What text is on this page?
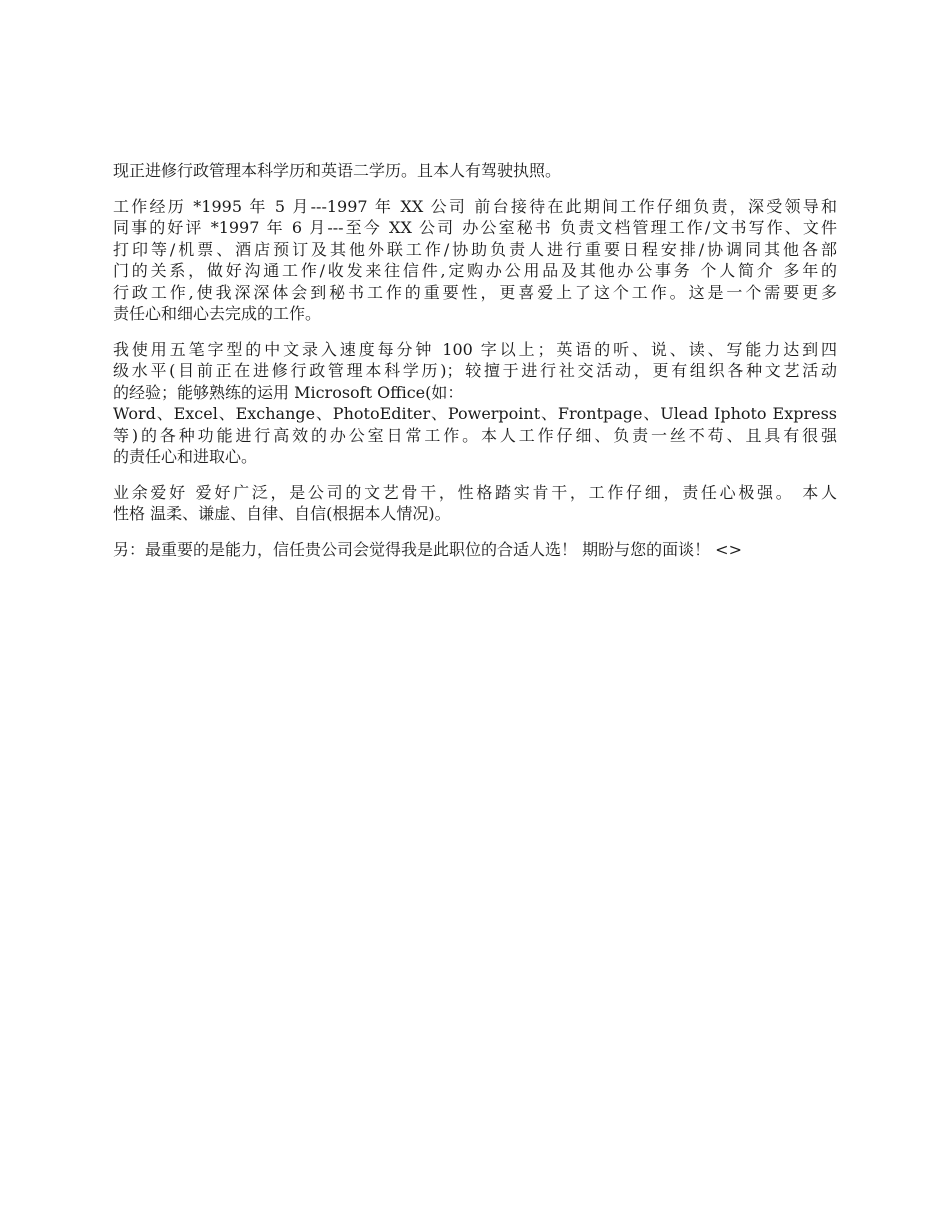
现正进修行政管理本科学历和英语二学历。且本人有驾驶执照。

工作经历 *1995 年 5 月---1997 年 XX 公司 前台接待在此期间工作仔细负责，深受领导和
同事的好评 *1997 年 6 月---至今 XX 公司 办公室秘书 负责文档管理工作/文书写作、文件
打印等/机票、酒店预订及其他外联工作/协助负责人进行重要日程安排/协调同其他各部
门的关系，做好沟通工作/收发来往信件,定购办公用品及其他办公事务 个人简介 多年的
行政工作,使我深深体会到秘书工作的重要性，更喜爱上了这个工作。这是一个需要更多
责任心和细心去完成的工作。

我使用五笔字型的中文录入速度每分钟 100 字以上；英语的听、说、读、写能力达到四
级水平(目前正在进修行政管理本科学历)；较擅于进行社交活动，更有组织各种文艺活动
的经验；能够熟练的运用 Microsoft Office(如：
Word、Excel、Exchange、PhotoEditer、Powerpoint、Frontpage、Ulead Iphoto Express
等)的各种功能进行高效的办公室日常工作。本人工作仔细、负责一丝不苟、且具有很强
的责任心和进取心。

业余爱好 爱好广泛，是公司的文艺骨干，性格踏实肯干，工作仔细，责任心极强。 本人
性格 温柔、谦虚、自律、自信(根据本人情况)。

另：最重要的是能力，信任贵公司会觉得我是此职位的合适人选！ 期盼与您的面谈！ <>
